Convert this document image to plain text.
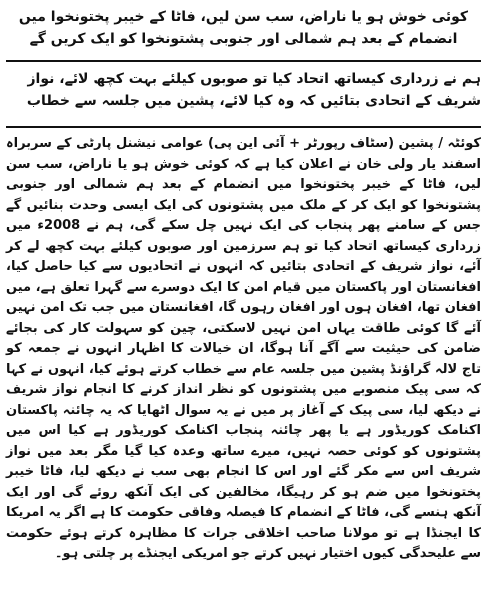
کوئی خوش ہو یا ناراض، سب سن لیں، فاٹا کے خیبر پختونخوا میں انضمام کے بعد ہم شمالی اور جنوبی پشتونخوا کو ایک کریں گے

ہم نے زرداری کیساتھ اتحاد کیا تو صوبوں کیلئے بہت کچھ لائے، نواز شریف کے اتحادی بتائیں کہ وہ کیا لائے، پشین میں جلسہ سے خطاب

کوئٹہ / پشین (سٹاف رپورٹر + آئی این پی) عوامی نیشنل پارٹی کے سربراہ اسفند یار ولی خان نے اعلان کیا ہے کہ کوئی خوش ہو یا ناراض، سب سن لیں، فاٹا کے خیبر پختونخوا میں انضمام کے بعد ہم شمالی اور جنوبی پشتونخوا کو ایک کر کے ملک میں پشتونوں کی ایک ایسی وحدت بنائیں گے جس کے سامنے پھر پنجاب کی ایک نہیں چل سکے گی، ہم نے 2008ء میں زرداری کیساتھ اتحاد کیا تو ہم سرزمین اور صوبوں کیلئے بہت کچھ لے کر آئے، نواز شریف کے اتحادی بتائیں کہ انہوں نے اتحادیوں سے کیا حاصل کیا، افغانستان اور پاکستان میں قیام امن کا ایک دوسرے سے گہرا تعلق ہے، میں افغان تھا، افغان ہوں اور افغان رہوں گا، افغانستان میں جب تک امن نہیں آئے گا کوئی طاقت یہاں امن نہیں لاسکتی، چین کو سہولت کار کی بجائے ضامن کی حیثیت سے آگے آنا ہوگا، ان خیالات کا اظہار انہوں نے جمعہ کو تاج لالہ گراؤنڈ پشین میں جلسہ عام سے خطاب کرتے ہوئے کیا، انہوں نے کہا کہ سی پیک منصوبے میں پشتونوں کو نظر انداز کرنے کا انجام نواز شریف نے دیکھ لیا، سی پیک کے آغاز پر میں نے یہ سوال اٹھایا کہ یہ چائنہ پاکستان اکنامک کوریڈور ہے یا پھر چائنہ پنجاب اکنامک کوریڈور ہے کیا اس میں پشتونوں کو کوئی حصہ نہیں، میرے ساتھ وعدہ کیا گیا مگر بعد میں نواز شریف اس سے مکر گئے اور اس کا انجام بھی سب نے دیکھ لیا، فاٹا خیبر پختونخوا میں ضم ہو کر رہیگا، مخالفین کی ایک آنکھ روئے گی اور ایک آنکھ ہنسے گی، فاٹا کے انضمام کا فیصلہ وفاقی حکومت کا ہے اگر یہ امریکا کا ایجنڈا ہے تو مولانا صاحب اخلاقی جرات کا مظاہرہ کرتے ہوئے حکومت سے علیحدگی کیوں اختیار نہیں کرتے جو امریکی ایجنڈے پر چلتی ہو۔
